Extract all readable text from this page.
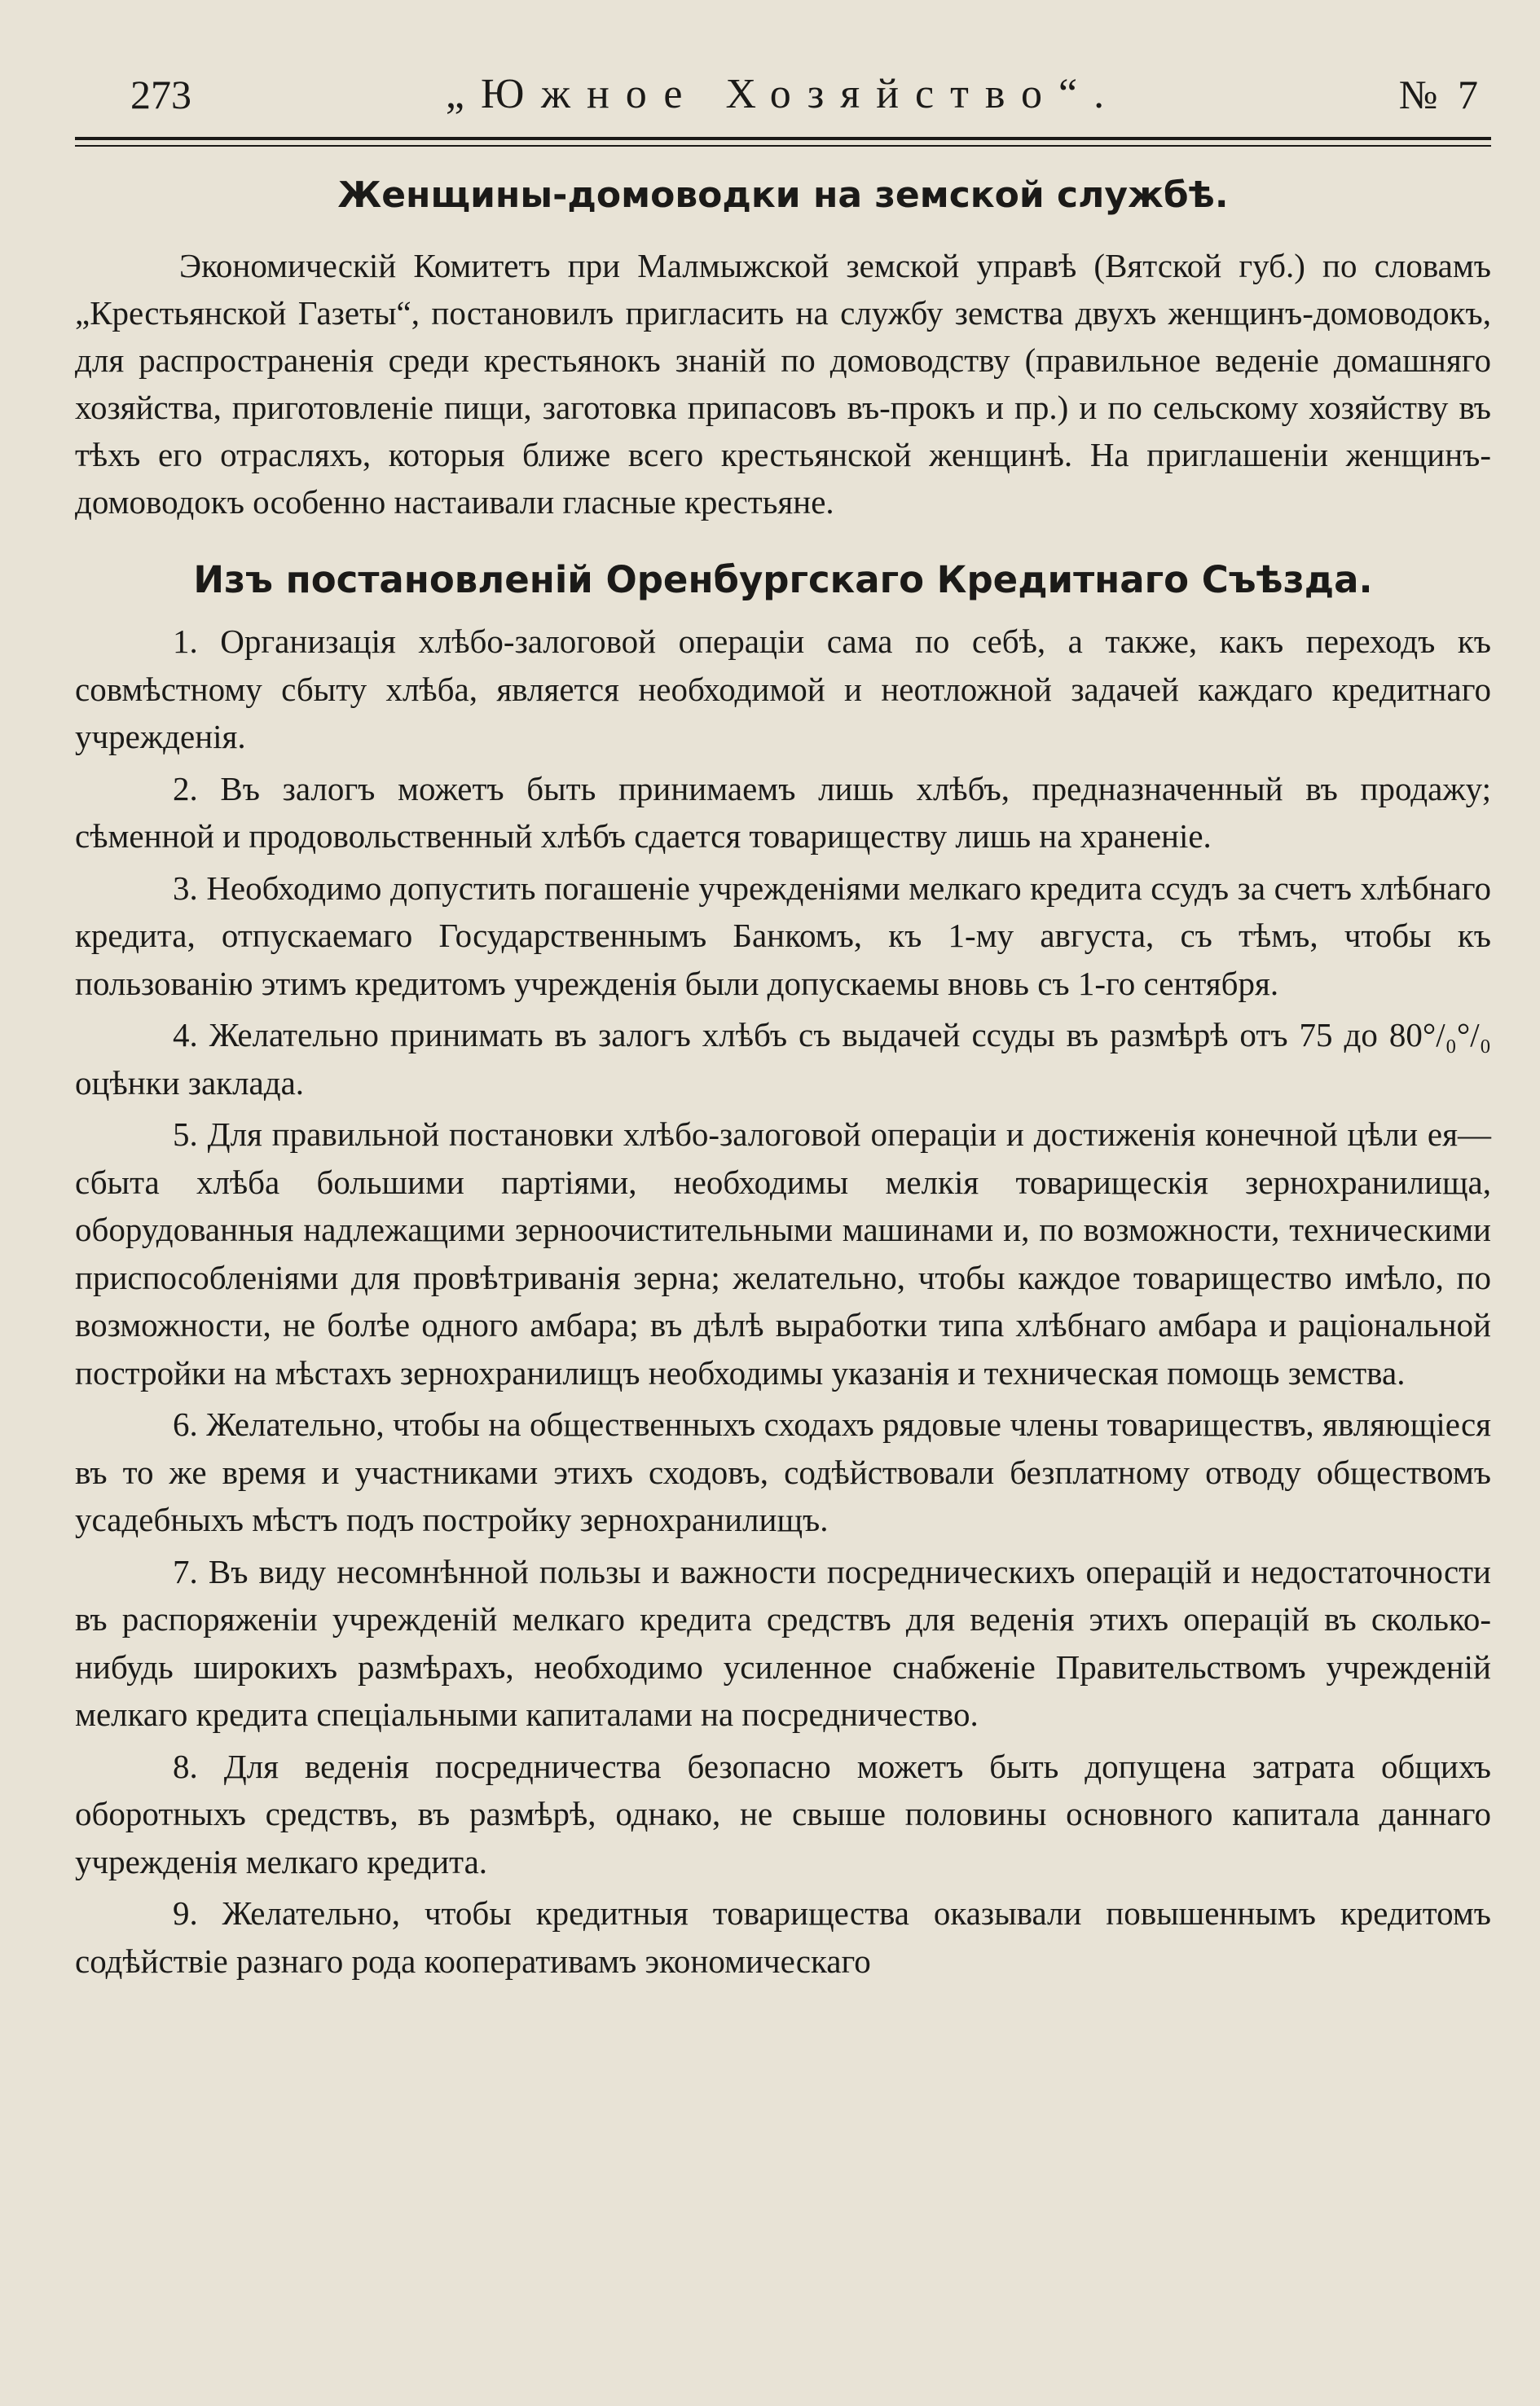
273	„Южное Хозяйство“.	№ 7
Женщины-домоводки на земской службѣ.

Экономическій Комитетъ при Малмыжской земской управѣ (Вятской губ.) по словамъ „Крестьянской Газеты“, постановилъ пригласить на службу земства двухъ женщинъ-домоводокъ, для распространенія среди крестьянокъ знаній по домоводству (правильное веденіе домашняго хозяйства, приготовленіе пищи, заготовка припасовъ въ-прокъ и пр.) и по сельскому хозяйству въ тѣхъ его отрасляхъ, которыя ближе всего крестьянской женщинѣ. На приглашеніи женщинъ-домоводокъ особенно настаивали гласные крестьяне.

Изъ постановленій Оренбургскаго Кредитнаго Съѣзда.

1. Организація хлѣбо-залоговой операціи сама по себѣ, а также, какъ переходъ къ совмѣстному сбыту хлѣба, является необходимой и неотложной задачей каждаго кредитнаго учрежденія.

2. Въ залогъ можетъ быть принимаемъ лишь хлѣбъ, предназначенный въ продажу; сѣменной и продовольственный хлѣбъ сдается товариществу лишь на храненіе.

3. Необходимо допустить погашеніе учрежденіями мелкаго кредита ссудъ за счетъ хлѣбнаго кредита, отпускаемаго Государственнымъ Банкомъ, къ 1-му августа, съ тѣмъ, чтобы къ пользованію этимъ кредитомъ учрежденія были допускаемы вновь съ 1-го сентября.

4. Желательно принимать въ залогъ хлѣбъ съ выдачей ссуды въ размѣрѣ отъ 75 до 80°/₀°/₀ оцѣнки заклада.

5. Для правильной постановки хлѣбо-залоговой операціи и достиженія конечной цѣли ея—сбыта хлѣба большими партіями, необходимы мелкія товарищескія зернохранилища, оборудованныя надлежащими зерноочистительными машинами и, по возможности, техническими приспособленіями для провѣтриванія зерна; желательно, чтобы каждое товарищество имѣло, по возможности, не болѣе одного амбара; въ дѣлѣ выработки типа хлѣбнаго амбара и раціональной постройки на мѣстахъ зернохранилищъ необходимы указанія и техническая помощь земства.

6. Желательно, чтобы на общественныхъ сходахъ рядовые члены товариществъ, являющіеся въ то же время и участниками этихъ сходовъ, содѣйствовали безплатному отводу обществомъ усадебныхъ мѣстъ подъ постройку зернохранилищъ.

7. Въ виду несомнѣнной пользы и важности посредническихъ операцій и недостаточности въ распоряженіи учрежденій мелкаго кредита средствъ для веденія этихъ операцій въ сколько-нибудь широкихъ размѣрахъ, необходимо усиленное снабженіе Правительствомъ учрежденій мелкаго кредита спеціальными капиталами на посредничество.

8. Для веденія посредничества безопасно можетъ быть допущена затрата общихъ оборотныхъ средствъ, въ размѣрѣ, однако, не свыше половины основного капитала даннаго учрежденія мелкаго кредита.

9. Желательно, чтобы кредитныя товарищества оказывали повышеннымъ кредитомъ содѣйствіе разнаго рода кооперативамъ экономическаго
